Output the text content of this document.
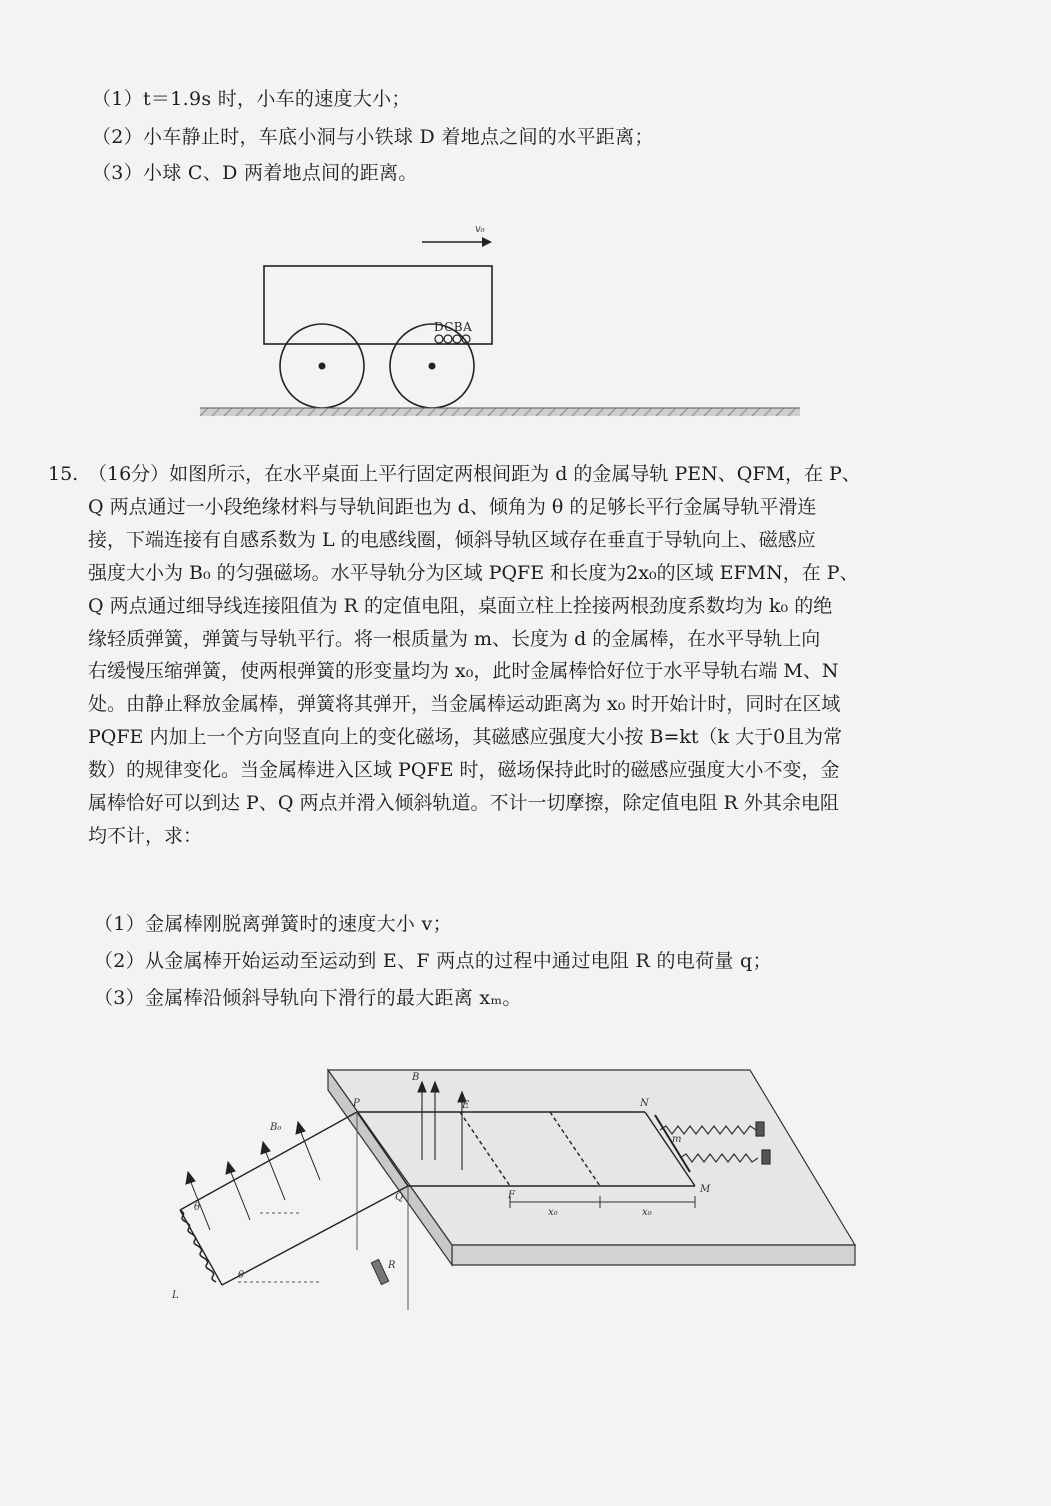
（1）t＝1.9s 时，小车的速度大小；
（2）小车静止时，车底小洞与小铁球 D 着地点之间的水平距离；
（3）小球 C、D 两着地点间的距离。
v₀
DCBA
15. （16分）如图所示，在水平桌面上平行固定两根间距为 d 的金属导轨 PEN、QFM，在 P、
Q 两点通过一小段绝缘材料与导轨间距也为 d、倾角为 θ 的足够长平行金属导轨平滑连
接，下端连接有自感系数为 L 的电感线圈，倾斜导轨区域存在垂直于导轨向上、磁感应
强度大小为 B₀ 的匀强磁场。水平导轨分为区域 PQFE 和长度为2x₀的区域 EFMN，在 P、
Q 两点通过细导线连接阻值为 R 的定值电阻，桌面立柱上拴接两根劲度系数均为 k₀ 的绝
缘轻质弹簧，弹簧与导轨平行。将一根质量为 m、长度为 d 的金属棒，在水平导轨上向
右缓慢压缩弹簧，使两根弹簧的形变量均为 x₀，此时金属棒恰好位于水平导轨右端 M、N
处。由静止释放金属棒，弹簧将其弹开，当金属棒运动距离为 x₀ 时开始计时，同时在区域
PQFE 内加上一个方向竖直向上的变化磁场，其磁感应强度大小按 B=kt（k 大于0且为常
数）的规律变化。当金属棒进入区域 PQFE 时，磁场保持此时的磁感应强度大小不变，金
属棒恰好可以到达 P、Q 两点并滑入倾斜轨道。不计一切摩擦，除定值电阻 R 外其余电阻
均不计，求：
（1）金属棒刚脱离弹簧时的速度大小 v；
（2）从金属棒开始运动至运动到 E、F 两点的过程中通过电阻 R 的电荷量 q；
（3）金属棒沿倾斜导轨向下滑行的最大距离 xₘ。
P
Q
E
F
N
M
B
B₀
L
R
θ
θ
m
x₀	x₀
